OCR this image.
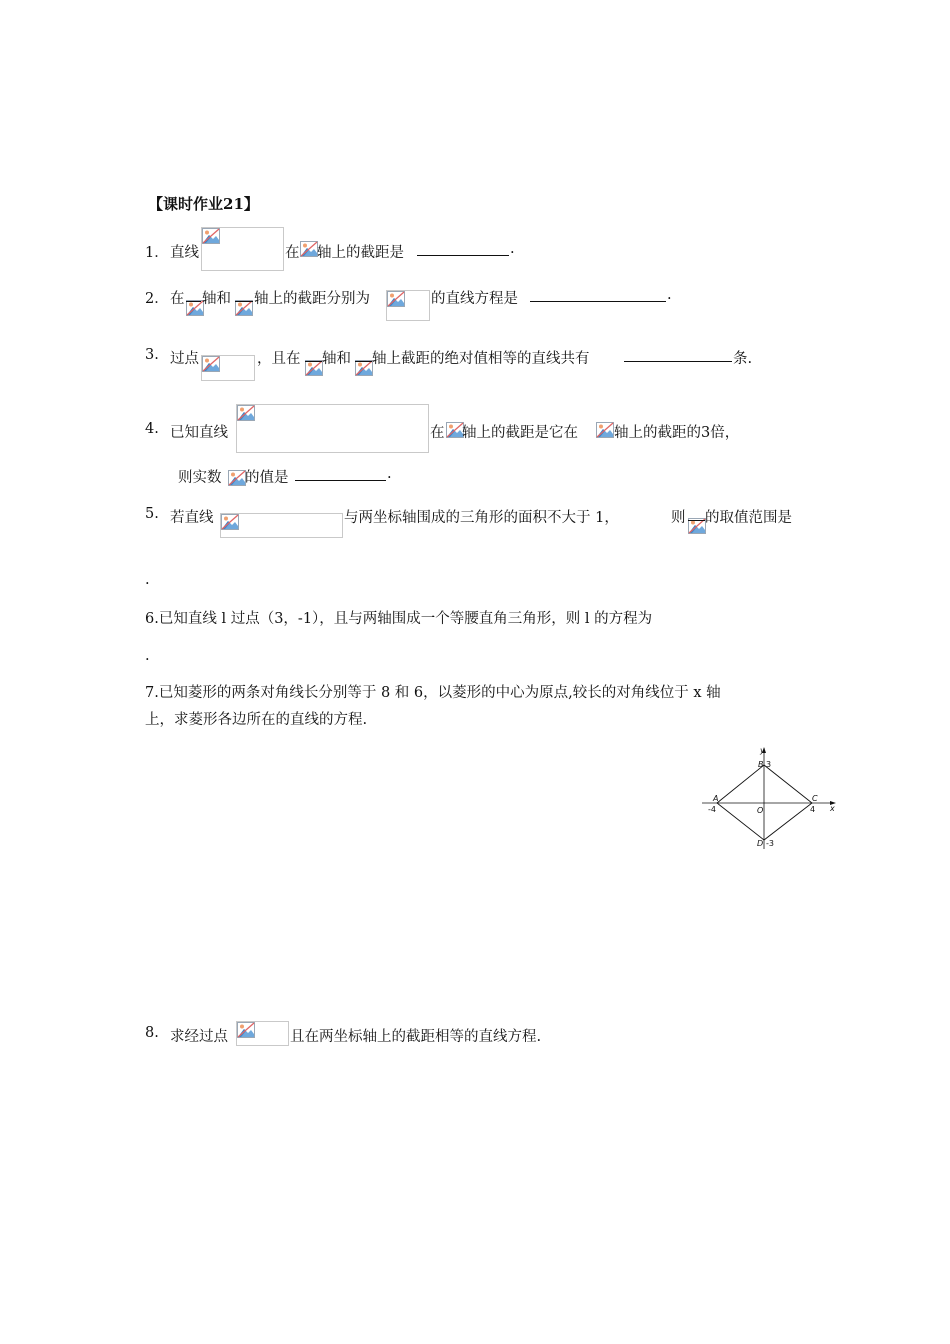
【课时作业21】
1． 直线	在 轴上的截距是	.
2． 在 轴和 轴上的截距分别为	的直线方程是	.
3. 过点	，且在 轴和 轴上截距的绝对值相等的直线共有	条.
4. 已知直线	在 轴上的截距是它在 轴上的截距的3倍，
则实数 的值是	.
5. 若直线	与两坐标轴围成的三角形的面积不大于 1，	则 的取值范围是
.
6.已知直线 l 过点（3，-1），且与两轴围成一个等腰直角三角形，则 l 的方程为
.
7.已知菱形的两条对角线长分别等于 8 和 6，以菱形的中心为原点,较长的对角线位于 x 轴
上，求菱形各边所在的直线的方程.
y
x
O
A
B
C
D
-4	4
3
-3
8. 求经过点	且在两坐标轴上的截距相等的直线方程.
